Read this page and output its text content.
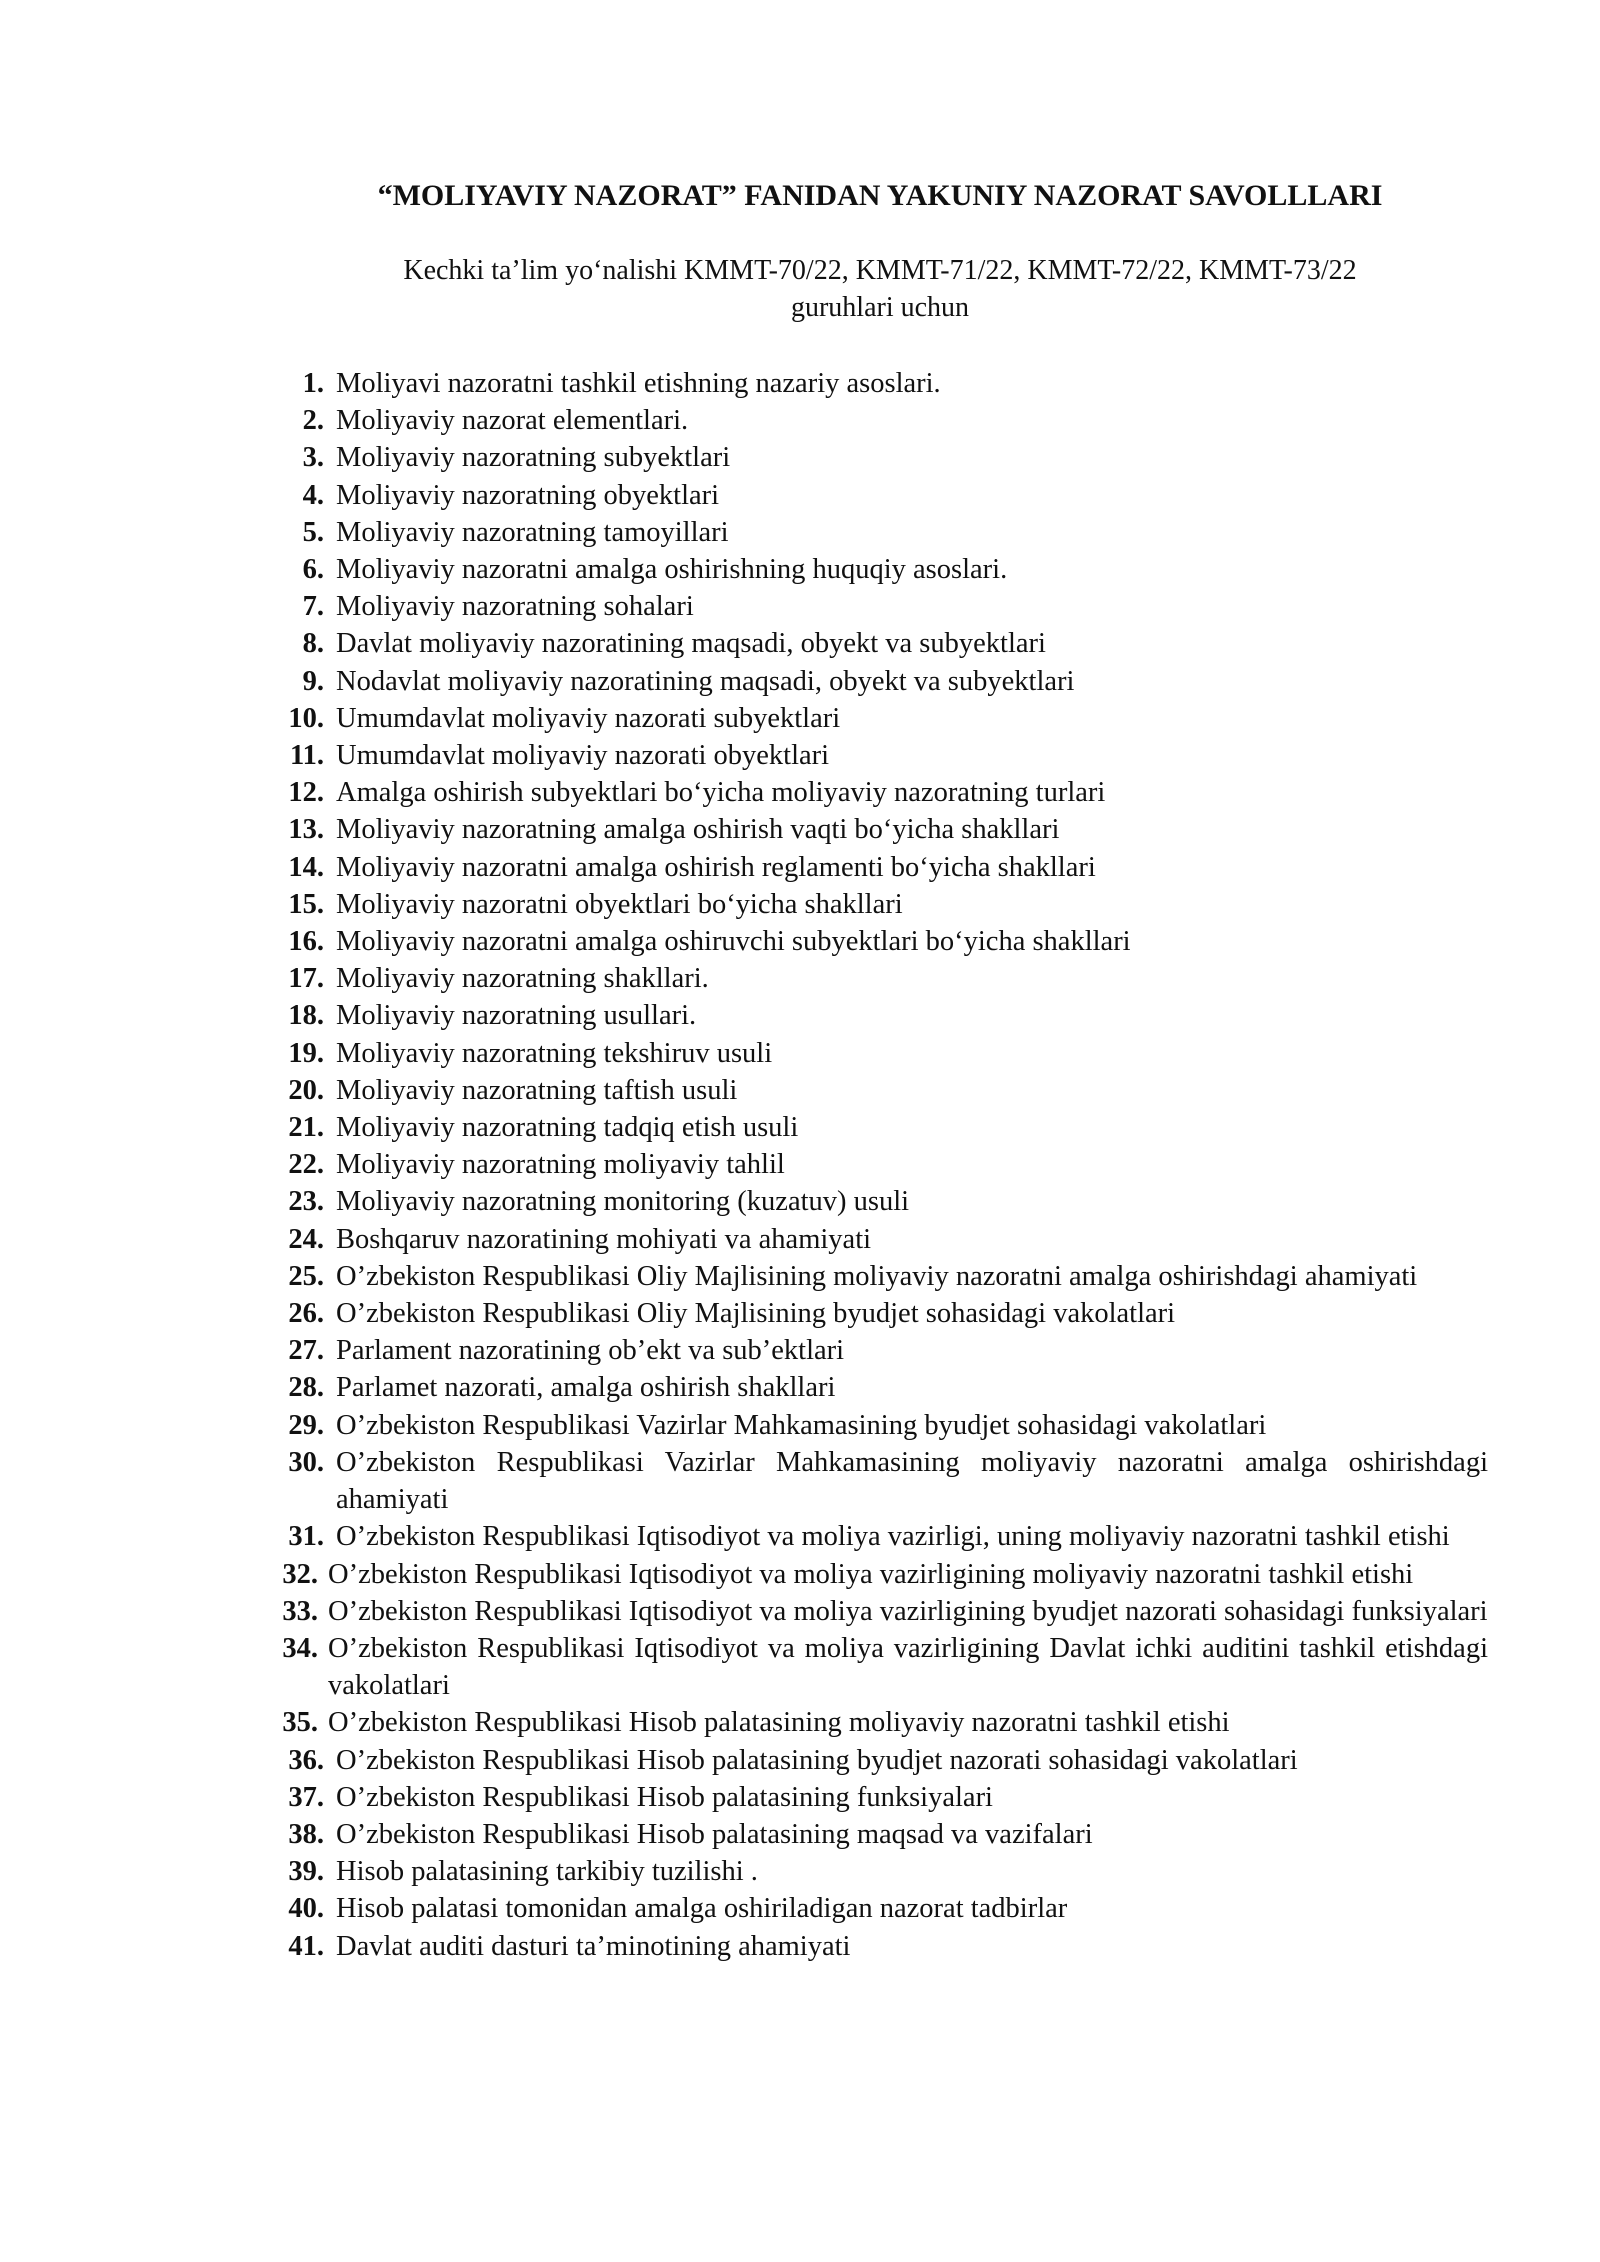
“MOLIYAVIY NAZORAT” FANIDAN YAKUNIY NAZORAT SAVOLLLARI
Kechki ta’lim yo‘nalishi KMMT-70/22, KMMT-71/22, KMMT-72/22, KMMT-73/22
guruhlari uchun
1. Moliyavi nazoratni tashkil etishning nazariy asoslari.
2. Moliyaviy nazorat elementlari.
3. Moliyaviy nazoratning subyektlari
4. Moliyaviy nazoratning obyektlari
5. Moliyaviy nazoratning tamoyillari
6. Moliyaviy nazoratni amalga oshirishning huquqiy asoslari.
7. Moliyaviy nazoratning sohalari
8. Davlat moliyaviy nazoratining maqsadi, obyekt va subyektlari
9. Nodavlat moliyaviy nazoratining maqsadi, obyekt va subyektlari
10. Umumdavlat moliyaviy nazorati subyektlari
11. Umumdavlat moliyaviy nazorati obyektlari
12. Amalga oshirish subyektlari bo‘yicha moliyaviy nazoratning turlari
13. Moliyaviy nazoratning amalga oshirish vaqti bo‘yicha shakllari
14. Moliyaviy nazoratni amalga oshirish reglamenti bo‘yicha shakllari
15. Moliyaviy nazoratni obyektlari bo‘yicha shakllari
16. Moliyaviy nazoratni amalga oshiruvchi subyektlari bo‘yicha shakllari
17. Moliyaviy nazoratning shakllari.
18. Moliyaviy nazoratning usullari.
19. Moliyaviy nazoratning tekshiruv usuli
20. Moliyaviy nazoratning taftish usuli
21. Moliyaviy nazoratning tadqiq etish usuli
22. Moliyaviy nazoratning moliyaviy tahlil
23. Moliyaviy nazoratning monitoring (kuzatuv) usuli
24. Boshqaruv nazoratining mohiyati va ahamiyati
25. O’zbekiston Respublikasi Oliy Majlisining moliyaviy nazoratni amalga oshirishdagi ahamiyati
26. O’zbekiston Respublikasi Oliy Majlisining byudjet sohasidagi vakolatlari
27. Parlament nazoratining ob’ekt va sub’ektlari
28. Parlamet nazorati, amalga oshirish shakllari
29. O’zbekiston Respublikasi Vazirlar Mahkamasining byudjet sohasidagi vakolatlari
30. O’zbekiston Respublikasi Vazirlar Mahkamasining moliyaviy nazoratni amalga oshirishdagi ahamiyati
31. O’zbekiston Respublikasi Iqtisodiyot va moliya vazirligi, uning moliyaviy nazoratni tashkil etishi
32. O’zbekiston Respublikasi Iqtisodiyot va moliya vazirligining moliyaviy nazoratni tashkil etishi
33. O’zbekiston Respublikasi Iqtisodiyot va moliya vazirligining byudjet nazorati sohasidagi funksiyalari
34. O’zbekiston Respublikasi Iqtisodiyot va moliya vazirligining Davlat ichki auditini tashkil etishdagi vakolatlari
35. O’zbekiston Respublikasi Hisob palatasining moliyaviy nazoratni tashkil etishi
36. O’zbekiston Respublikasi Hisob palatasining byudjet nazorati sohasidagi vakolatlari
37. O’zbekiston Respublikasi Hisob palatasining funksiyalari
38. O’zbekiston Respublikasi Hisob palatasining maqsad va vazifalari
39. Hisob palatasining tarkibiy tuzilishi .
40. Hisob palatasi tomonidan amalga oshiriladigan nazorat tadbirlar
41. Davlat auditi dasturi ta’minotining ahamiyati
